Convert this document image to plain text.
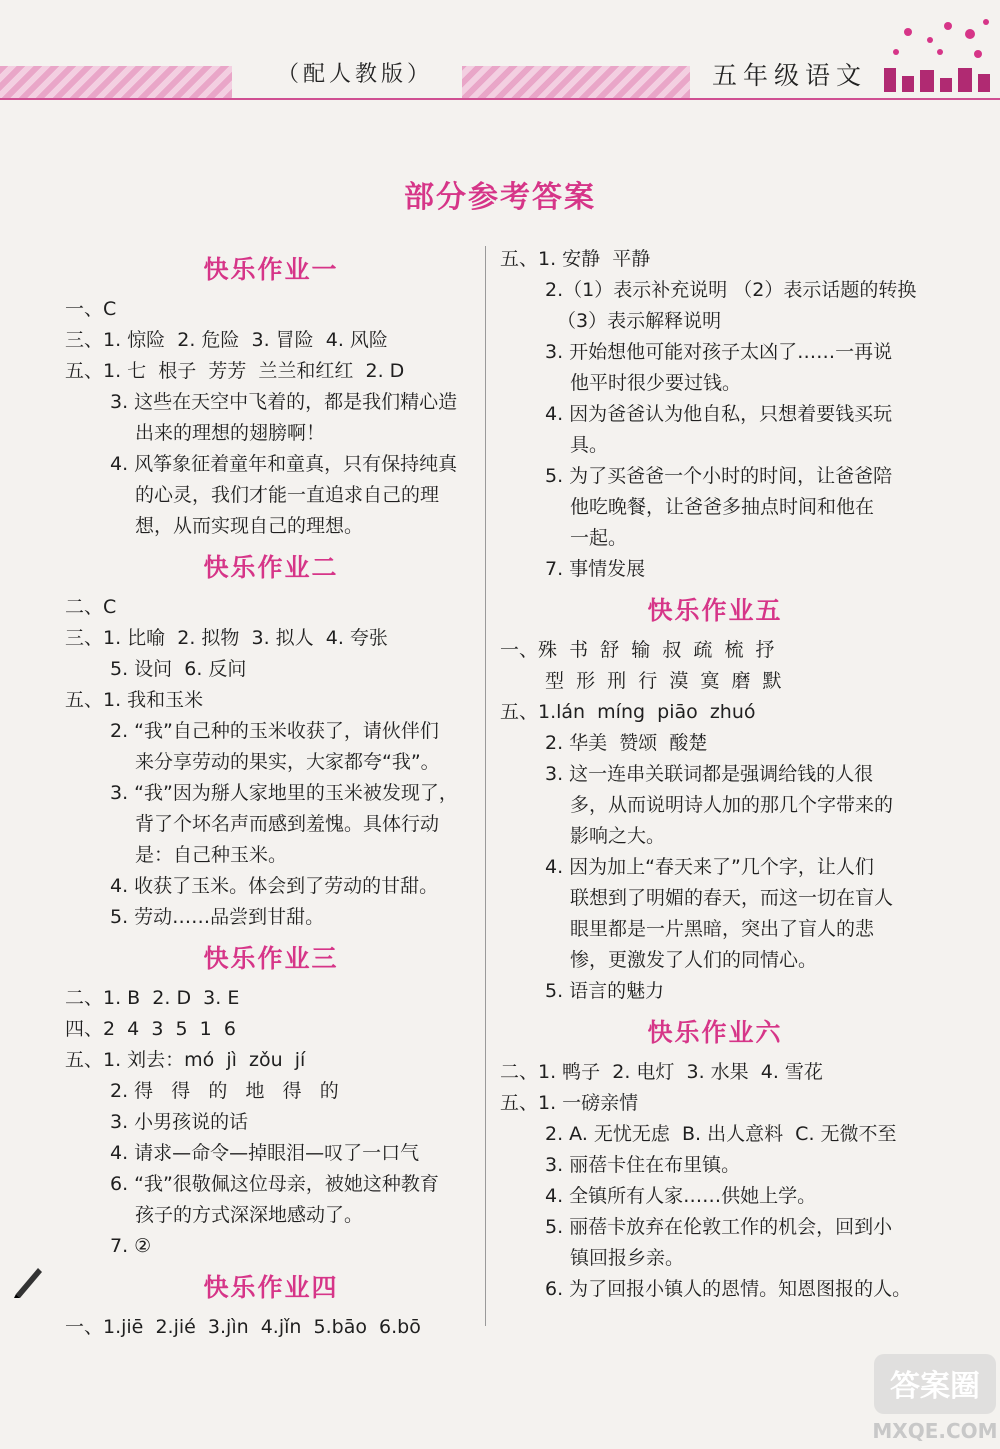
（配人教版）	五年级语文
部分参考答案
快乐作业一
一、C
三、1. 惊险  2. 危险  3. 冒险  4. 风险
五、1. 七  根子  芳芳  兰兰和红红  2. D
3. 这些在天空中飞着的，都是我们精心造
出来的理想的翅膀啊！
4. 风筝象征着童年和童真，只有保持纯真
的心灵，我们才能一直追求自己的理
想，从而实现自己的理想。
快乐作业二
二、C
三、1. 比喻  2. 拟物  3. 拟人  4. 夸张
5. 设问  6. 反问
五、1. 我和玉米
2. “我”自己种的玉米收获了，请伙伴们
来分享劳动的果实，大家都夸“我”。
3. “我”因为掰人家地里的玉米被发现了，
背了个坏名声而感到羞愧。具体行动
是：自己种玉米。
4. 收获了玉米。体会到了劳动的甘甜。
5. 劳动……品尝到甘甜。
快乐作业三
二、1. B  2. D  3. E
四、2  4  3  5  1  6
五、1. 刘去：mó  jì  zǒu  jí
2. 得   得   的   地   得   的
3. 小男孩说的话
4. 请求—命令—掉眼泪—叹了一口气
6. “我”很敬佩这位母亲，被她这种教育
孩子的方式深深地感动了。
7. ②
快乐作业四
一、1.jiē  2.jié  3.jìn  4.jǐn  5.bāo  6.bō
五、1. 安静  平静
2.（1）表示补充说明 （2）表示话题的转换
（3）表示解释说明
3. 开始想他可能对孩子太凶了……一再说
他平时很少要过钱。
4. 因为爸爸认为他自私，只想着要钱买玩
具。
5. 为了买爸爸一个小时的时间，让爸爸陪
他吃晚餐，让爸爸多抽点时间和他在
一起。
7. 事情发展
快乐作业五
一、殊  书  舒  输  叔  疏  梳  抒
型  形  刑  行  漠  寞  磨  默
五、1.lán  míng  piāo  zhuó
2. 华美  赞颂  酸楚
3. 这一连串关联词都是强调给钱的人很
多，从而说明诗人加的那几个字带来的
影响之大。
4. 因为加上“春天来了”几个字，让人们
联想到了明媚的春天，而这一切在盲人
眼里都是一片黑暗，突出了盲人的悲
惨，更激发了人们的同情心。
5. 语言的魅力
快乐作业六
二、1. 鸭子  2. 电灯  3. 水果  4. 雪花
五、1. 一磅亲情
2. A. 无忧无虑  B. 出人意料  C. 无微不至
3. 丽蓓卡住在布里镇。
4. 全镇所有人家……供她上学。
5. 丽蓓卡放弃在伦敦工作的机会，回到小
镇回报乡亲。
6. 为了回报小镇人的恩情。知恩图报的人。
答案圈
MXQE.COM
